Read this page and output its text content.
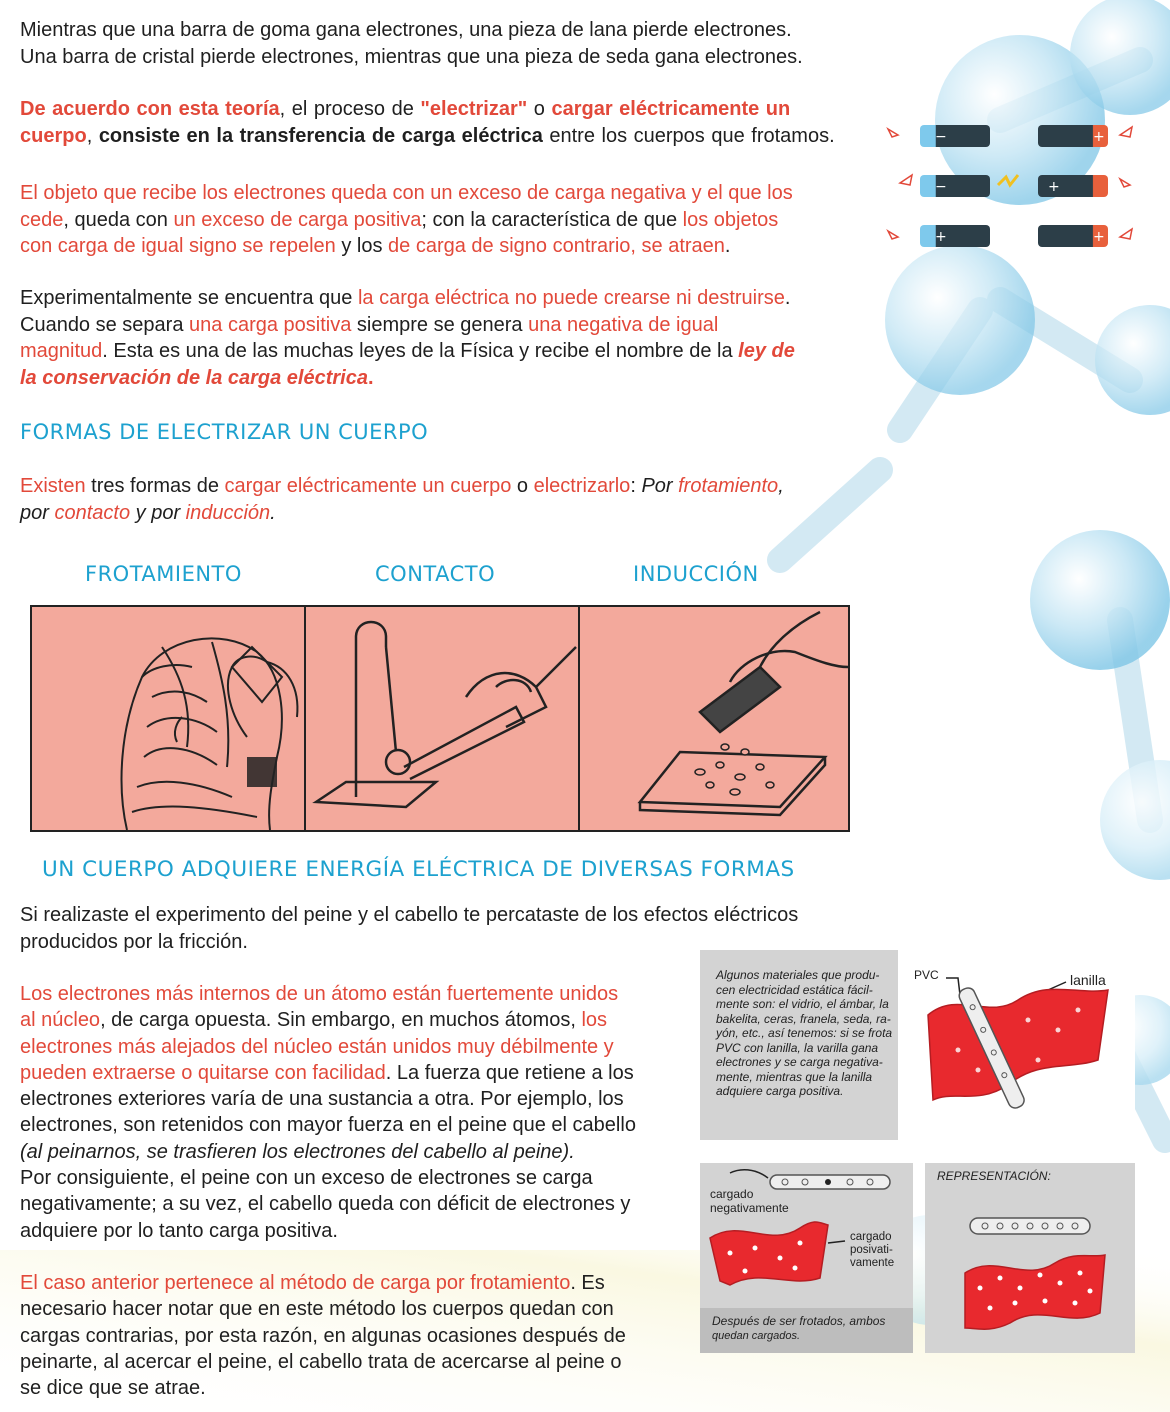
Mientras que una barra de goma gana electrones, una pieza de lana pierde electrones.
Una barra de cristal pierde electrones, mientras que una pieza de seda gana electrones.
De acuerdo con esta teoría, el proceso de "electrizar" o cargar eléctricamente un
cuerpo, consiste en la transferencia de carga eléctrica entre los cuerpos que frotamos.
El objeto que recibe los electrones queda con un exceso de carga negativa y el que los
cede, queda con un exceso de carga positiva; con la característica de que los objetos
con carga de igual signo se repelen y los de carga de signo contrario, se atraen.
−	+
−	+
+	+
Experimentalmente se encuentra que la carga eléctrica no puede crearse ni destruirse.
Cuando se separa una carga positiva siempre se genera una negativa de igual
magnitud. Esta es una de las muchas leyes de la Física y recibe el nombre de la ley de
la conservación de la carga eléctrica.
FORMAS DE ELECTRIZAR UN CUERPO
Existen tres formas de cargar eléctricamente un cuerpo o electrizarlo: Por frotamiento,
por contacto y por inducción.
FROTAMIENTO	CONTACTO	INDUCCIÓN
UN CUERPO ADQUIERE ENERGÍA ELÉCTRICA DE DIVERSAS FORMAS
Si realizaste el experimento del peine y el cabello te percataste de los efectos eléctricos
producidos por la fricción.
Los electrones más internos de un átomo están fuertemente unidos
al núcleo, de carga opuesta. Sin embargo, en muchos átomos, los
electrones más alejados del núcleo están unidos muy débilmente y
pueden extraerse o quitarse con facilidad. La fuerza que retiene a los
electrones exteriores varía de una sustancia a otra. Por ejemplo, los
electrones, son retenidos con mayor fuerza en el peine que el cabello
(al peinarnos, se trasfieren los electrones del cabello al peine).
Por consiguiente, el peine con un exceso de electrones se carga
negativamente; a su vez, el cabello queda con déficit de electrones y
adquiere por lo tanto carga positiva.
El caso anterior pertenece al método de carga por frotamiento. Es
necesario hacer notar que en este método los cuerpos quedan con
cargas contrarias, por esta razón, en algunas ocasiones después de
peinarte, al acercar el peine, el cabello trata de acercarse al peine o
se dice que se atrae.
Algunos materiales que produ-
cen electricidad estática fácil-
mente son: el vidrio, el ámbar, la
bakelita, ceras, franela, seda, ra-
yón, etc., así tenemos: si se frota
PVC con lanilla, la varilla gana
electrones y se carga negativa-
mente, mientras que la lanilla
adquiere carga positiva.
PVC	lanilla
cargado
negativamente
cargado
posivati-
vamente
Después de ser frotados, ambos
quedan cargados.
REPRESENTACIÓN:
